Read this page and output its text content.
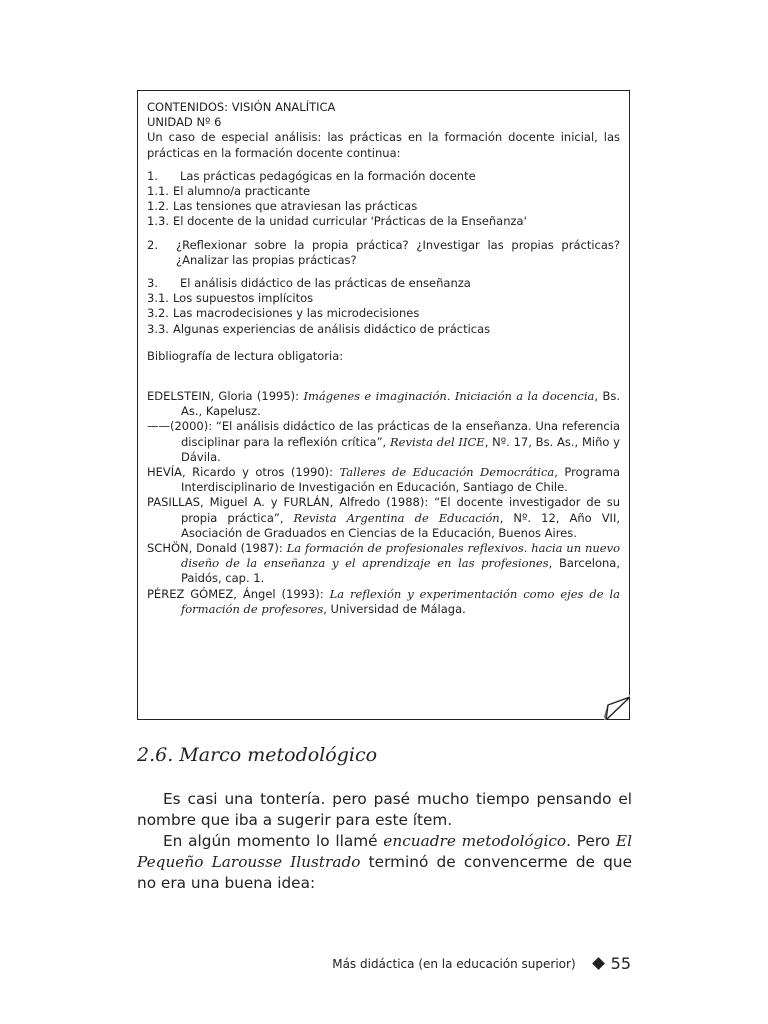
CONTENIDOS: VISIÓN ANALÍTICA

UNIDAD Nº 6

Un caso de especial análisis: las prácticas en la formación docente inicial, las prácticas en la formación docente continua:

1.	Las prácticas pedagógicas en la formación docente
1.1. El alumno/a practicante
1.2. Las tensiones que atraviesan las prácticas
1.3. El docente de la unidad curricular 'Prácticas de la Enseñanza'
2.	¿Reflexionar sobre la propia práctica? ¿Investigar las propias prácticas? ¿Analizar las propias prácticas?
3.	El análisis didáctico de las prácticas de enseñanza
3.1. Los supuestos implícitos
3.2. Las macrodecisiones y las microdecisiones
3.3. Algunas experiencias de análisis didáctico de prácticas

Bibliografía de lectura obligatoria:

EDELSTEIN, Gloria (1995): Imágenes e imaginación. Iniciación a la docencia, Bs. As., Kapelusz.

——(2000): “El análisis didáctico de las prácticas de la enseñanza. Una referencia disciplinar para la reflexión crítica”, Revista del IICE, Nº. 17, Bs. As., Miño y Dávila.

HEVÍA, Ricardo y otros (1990): Talleres de Educación Democrática, Programa Interdisciplinario de Investigación en Educación, Santiago de Chile.

PASILLAS, Miguel A. y FURLÁN, Alfredo (1988): “El docente investigador de su propia práctica”, Revista Argentina de Educación, Nº. 12, Año VII, Asociación de Graduados en Ciencias de la Educación, Buenos Aires.

SCHÖN, Donald (1987): La formación de profesionales reflexivos. hacia un nuevo diseño de la enseñanza y el aprendizaje en las profesiones, Barcelona, Paidós, cap. 1.

PÉREZ GÓMEZ, Ángel (1993): La reflexión y experimentación como ejes de la formación de profesores, Universidad de Málaga.

2.6. Marco metodológico

Es casi una tontería. pero pasé mucho tiempo pensando el nombre que iba a sugerir para este ítem.

En algún momento lo llamé encuadre metodológico. Pero El Pequeño Larousse Ilustrado terminó de convencerme de que no era una buena idea:

Más didáctica (en la educación superior) 55
